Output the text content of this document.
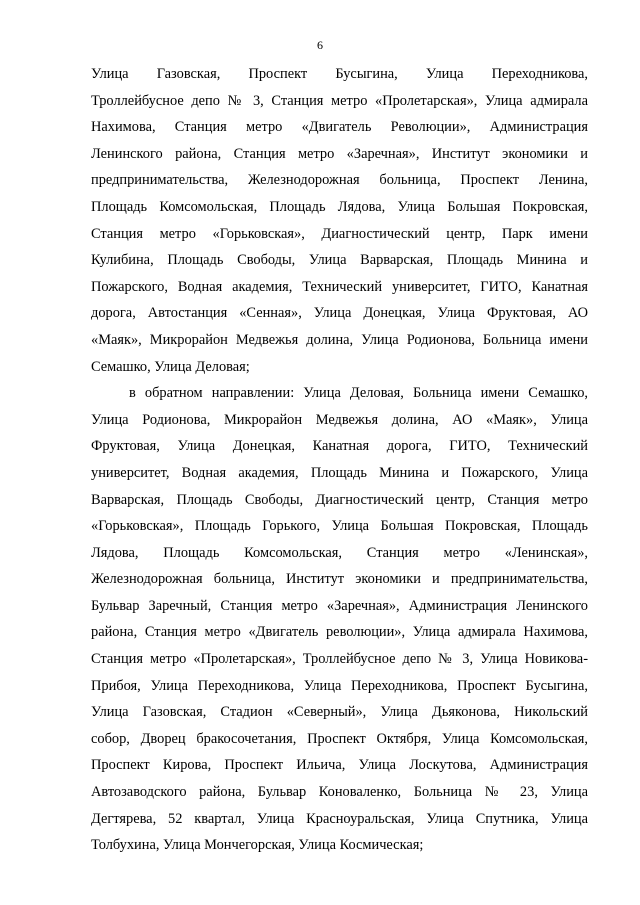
6
Улица Газовская, Проспект Бусыгина, Улица Переходникова,
Троллейбусное депо № 3, Станция метро «Пролетарская», Улица адмирала
Нахимова, Станция метро «Двигатель Революции», Администрация
Ленинского района, Станция метро «Заречная», Институт экономики и
предпринимательства, Железнодорожная больница, Проспект Ленина,
Площадь Комсомольская, Площадь Лядова, Улица Большая Покровская,
Станция метро «Горьковская», Диагностический центр, Парк имени
Кулибина, Площадь Свободы, Улица Варварская, Площадь Минина и
Пожарского, Водная академия, Технический университет, ГИТО, Канатная
дорога, Автостанция «Сенная», Улица Донецкая, Улица Фруктовая, АО
«Маяк», Микрорайон Медвежья долина, Улица Родионова, Больница имени
Семашко, Улица Деловая;
в обратном направлении: Улица Деловая, Больница имени Семашко,
Улица Родионова, Микрорайон Медвежья долина, АО «Маяк», Улица
Фруктовая, Улица Донецкая, Канатная дорога, ГИТО, Технический
университет, Водная академия, Площадь Минина и Пожарского, Улица
Варварская, Площадь Свободы, Диагностический центр, Станция метро
«Горьковская», Площадь Горького, Улица Большая Покровская, Площадь
Лядова, Площадь Комсомольская, Станция метро «Ленинская»,
Железнодорожная больница, Институт экономики и предпринимательства,
Бульвар Заречный, Станция метро «Заречная», Администрация Ленинского
района, Станция метро «Двигатель революции», Улица адмирала Нахимова,
Станция метро «Пролетарская», Троллейбусное депо № 3, Улица Новикова-
Прибоя, Улица Переходникова, Улица Переходникова, Проспект Бусыгина,
Улица Газовская, Стадион «Северный», Улица Дьяконова, Никольский
собор, Дворец бракосочетания, Проспект Октября, Улица Комсомольская,
Проспект Кирова, Проспект Ильича, Улица Лоскутова, Администрация
Автозаводского района, Бульвар Коноваленко, Больница № 23, Улица
Дегтярева, 52 квартал, Улица Красноуральская, Улица Спутника, Улица
Толбухина, Улица Мончегорская, Улица Космическая;
